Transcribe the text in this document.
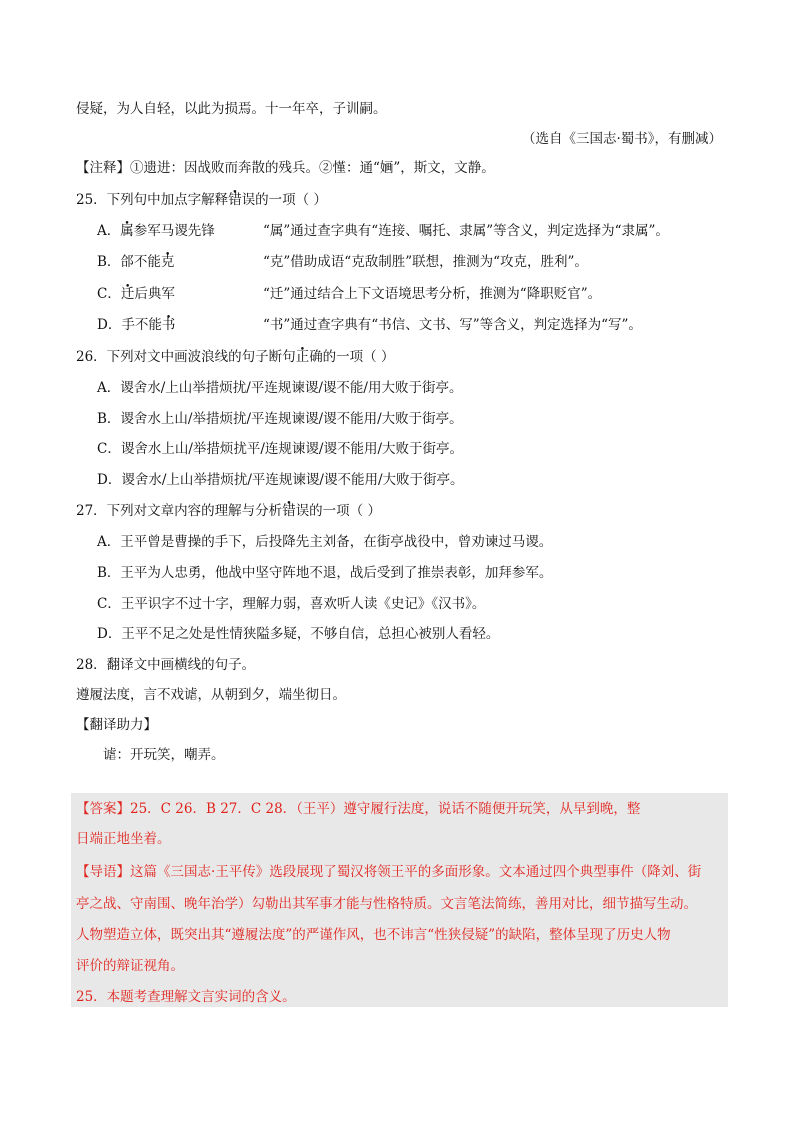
侵疑，为人自轻，以此为损焉。十一年卒，子训嗣。
（选自《三国志·蜀书》，有删减）
【注释】①遗进：因战败而奔散的残兵。②慬：通“婳”，斯文，文静。
25．下列句中加点字解释错误的一项（ ）
A．属参军马谡先锋	“属”通过查字典有“连接、嘱托、隶属”等含义，判定选择为“隶属”。
B．郃不能克	“克”借助成语“克敌制胜”联想，推测为“攻克，胜利”。
C．迁后典军	“迁”通过结合上下文语境思考分析，推测为“降职贬官”。
D．手不能书	“书”通过查字典有“书信、文书、写”等含义，判定选择为“写”。
26．下列对文中画波浪线的句子断句正确的一项（ ）
A．谡舍水/上山举措烦扰/平连规谏谡/谡不能/用大败于街亭。
B．谡舍水上山/举措烦扰/平连规谏谡/谡不能用/大败于街亭。
C．谡舍水上山/举措烦扰平/连规谏谡/谡不能用/大败于街亭。
D．谡舍水/上山举措烦扰/平连规谏谡/谡不能用/大败于街亭。
27．下列对文章内容的理解与分析错误的一项（ ）
A．王平曾是曹操的手下，后投降先主刘备，在街亭战役中，曾劝谏过马谡。
B．王平为人忠勇，他战中坚守阵地不退，战后受到了推崇表彰，加拜参军。
C．王平识字不过十字，理解力弱，喜欢听人读《史记》《汉书》。
D．王平不足之处是性情狭隘多疑，不够自信，总担心被别人看轻。
28．翻译文中画横线的句子。
遵履法度，言不戏谑，从朝到夕，端坐彻日。
【翻译助力】
谑：开玩笑，嘲弄。
【答案】25．C 26．B 27．C 28．（王平）遵守履行法度，说话不随便开玩笑，从早到晚，整
日端正地坐着。
【导语】这篇《三国志·王平传》选段展现了蜀汉将领王平的多面形象。文本通过四个典型事件（降刘、街
亭之战、守南围、晚年治学）勾勒出其军事才能与性格特质。文言笔法简练，善用对比，细节描写生动。
人物塑造立体，既突出其“遵履法度”的严谨作风，也不讳言“性狭侵疑”的缺陷，整体呈现了历史人物
评价的辩证视角。
25．本题考查理解文言实词的含义。
